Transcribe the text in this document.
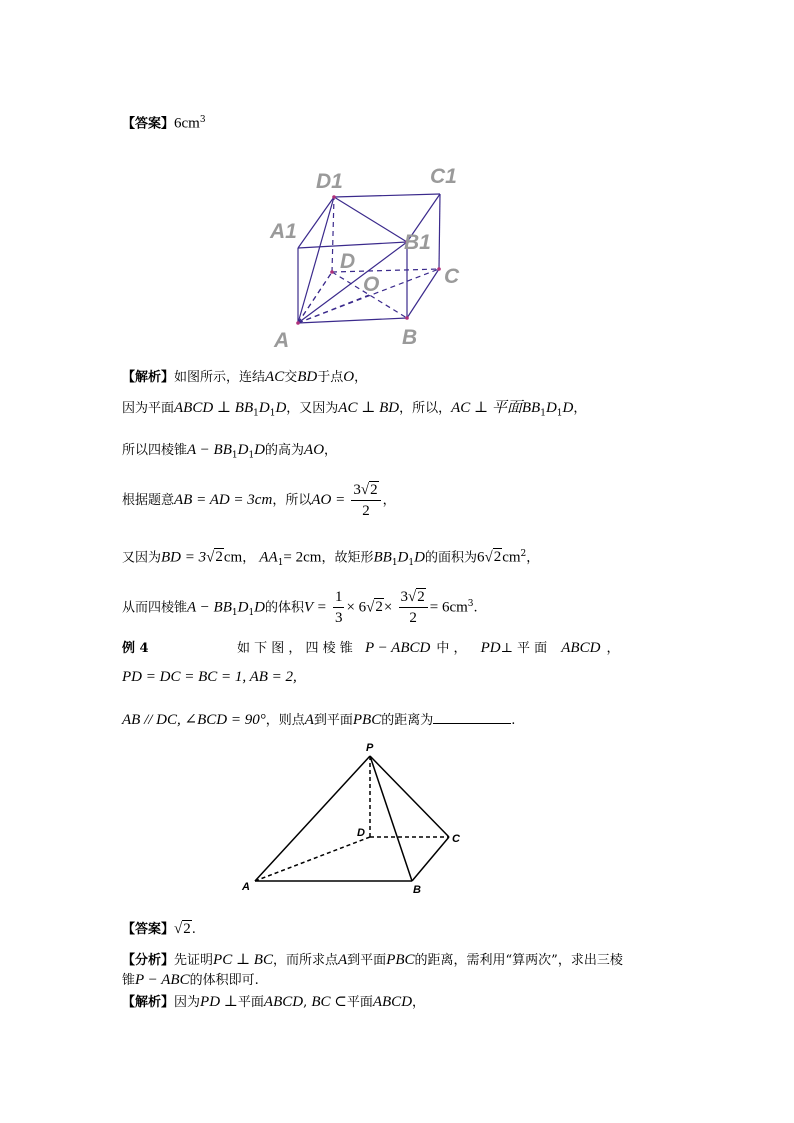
【答案】$6cm^3$
D1	C1
A1	B1
D
O	C
A	B
【解析】如图所示，连结AC交BD于点O，
因为平面ABCD ⊥ $BB_1D_1D$，又因为AC ⊥ BD，所以，AC ⊥ 平面$BB_1D_1D$，
所以四棱锥$A - BB_1D_1D$的高为AO，
根据题意AB = AD = 3cm，所以AO = $\frac{3√2}{2}$ ，
又因为BD = 3√2cm， $AA_1= 2cm$，故矩形$BB_1D_1D$的面积为$6√2cm^2$，
从而四棱锥$A - BB_1D_1D$的体积$V = \frac{1}{3} \times 6√2\times \frac{3√2}{2} = 6cm^3$.
例 4	如 下 图 ， 四 棱 锥 P − ABCD 中 ， PD⊥ 平 面 ABCD ，
PD = DC = BC = 1, AB = 2,
AB // DC, ∠BCD = 90°，则点A到平面PBC的距离为	.
P
D	C
A	B
【答案】√2.
【分析】先证明PC ⊥ BC，而所求点A到平面PBC的距离，需利用“算两次”，求出三棱
锥P − ABC的体积即可.
【解析】因为PD ⊥平面ABCD, BC ⊂平面ABCD，
